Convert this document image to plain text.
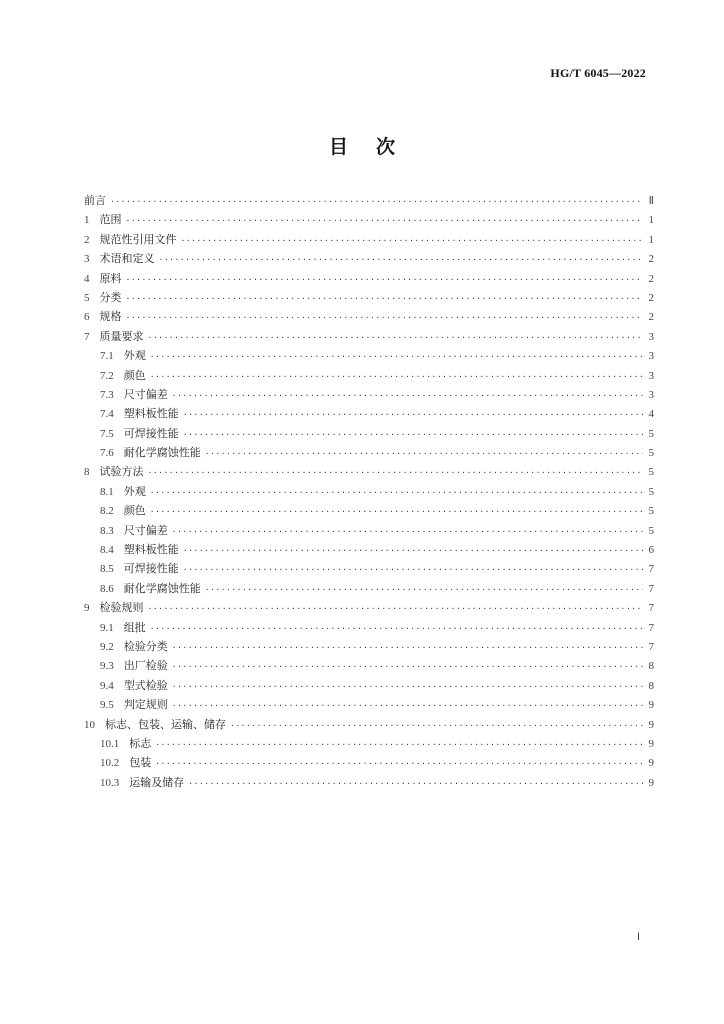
HG/T 6045—2022
目次
前言 ·····	Ⅱ
1 范围 ·····	1
2 规范性引用文件 ·····	1
3 术语和定义 ·····	2
4 原料 ·····	2
5 分类 ·····	2
6 规格 ·····	2
7 质量要求 ·····	3
7.1 外观 ·····	3
7.2 颜色 ·····	3
7.3 尺寸偏差 ·····	3
7.4 塑料板性能 ·····	4
7.5 可焊接性能 ·····	5
7.6 耐化学腐蚀性能 ·····	5
8 试验方法 ·····	5
8.1 外观 ·····	5
8.2 颜色 ·····	5
8.3 尺寸偏差 ·····	5
8.4 塑料板性能 ·····	6
8.5 可焊接性能 ·····	7
8.6 耐化学腐蚀性能 ·····	7
9 检验规则 ·····	7
9.1 组批 ·····	7
9.2 检验分类 ·····	7
9.3 出厂检验 ·····	8
9.4 型式检验 ·····	8
9.5 判定规则 ·····	9
10 标志、包装、运输、储存 ·····	9
10.1 标志 ·····	9
10.2 包装 ·····	9
10.3 运输及储存 ·····	9
Ⅰ
